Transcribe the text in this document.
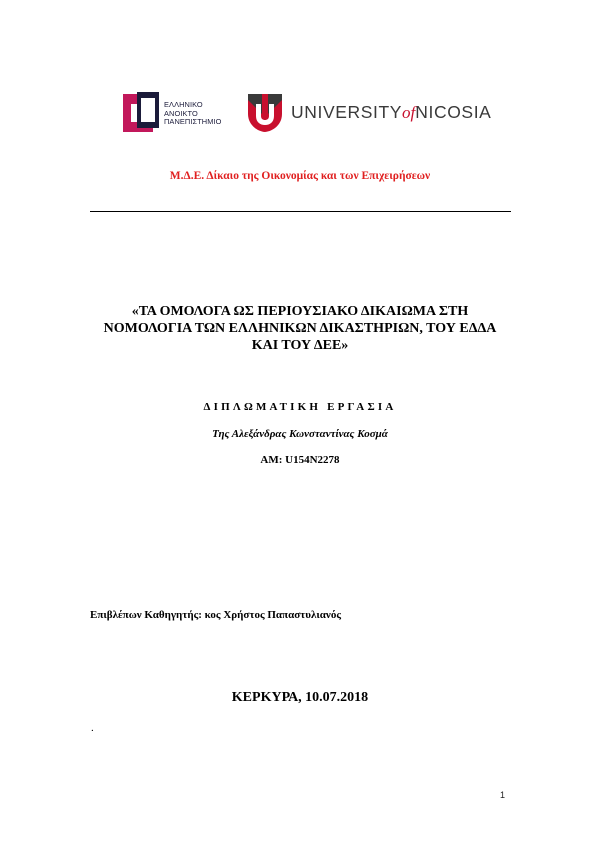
ΕΛΛΗΝΙΚΟ
ΑΝΟΙΚΤΟ
ΠΑΝΕΠΙΣΤΗΜΙΟ	UNIVERSITYofNICOSIA
Μ.Δ.Ε. Δίκαιο της Οικονομίας και των Επιχειρήσεων
«ΤΑ ΟΜΟΛΟΓΑ ΩΣ ΠΕΡΙΟΥΣΙΑΚΟ ΔΙΚΑΙΩΜΑ ΣΤΗ
ΝΟΜΟΛΟΓΙΑ ΤΩΝ ΕΛΛΗΝΙΚΩΝ ΔΙΚΑΣΤΗΡΙΩΝ, ΤΟΥ ΕΔΔΑ
ΚΑΙ ΤΟΥ ΔΕΕ»
ΔΙΠΛΩΜΑΤΙΚΗ ΕΡΓΑΣΙΑ
Της Αλεξάνδρας Κωνσταντίνας Κοσμά
ΑΜ: U154N2278
Επιβλέπων Καθηγητής: κος Χρήστος Παπαστυλιανός
ΚΕΡΚΥΡΑ, 10.07.2018
.
1
